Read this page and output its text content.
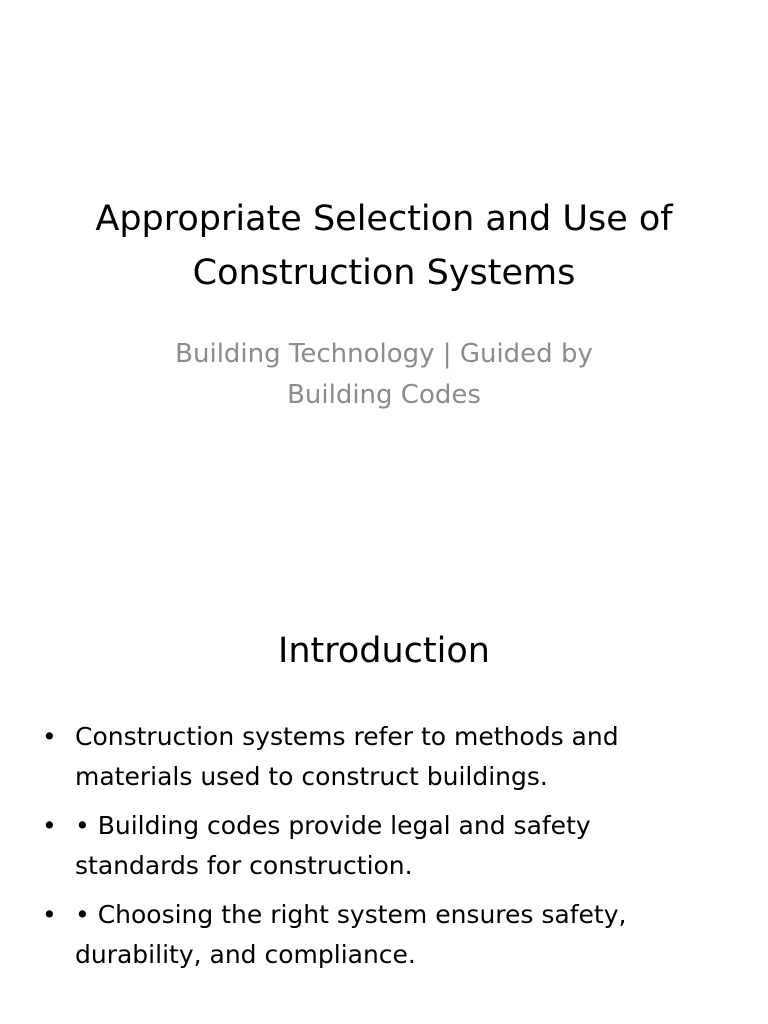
Appropriate Selection and Use of
Construction Systems

Building Technology | Guided by
Building Codes

Introduction
• Construction systems refer to methods and
materials used to construct buildings.
• • Building codes provide legal and safety
standards for construction.
• • Choosing the right system ensures safety,
durability, and compliance.
